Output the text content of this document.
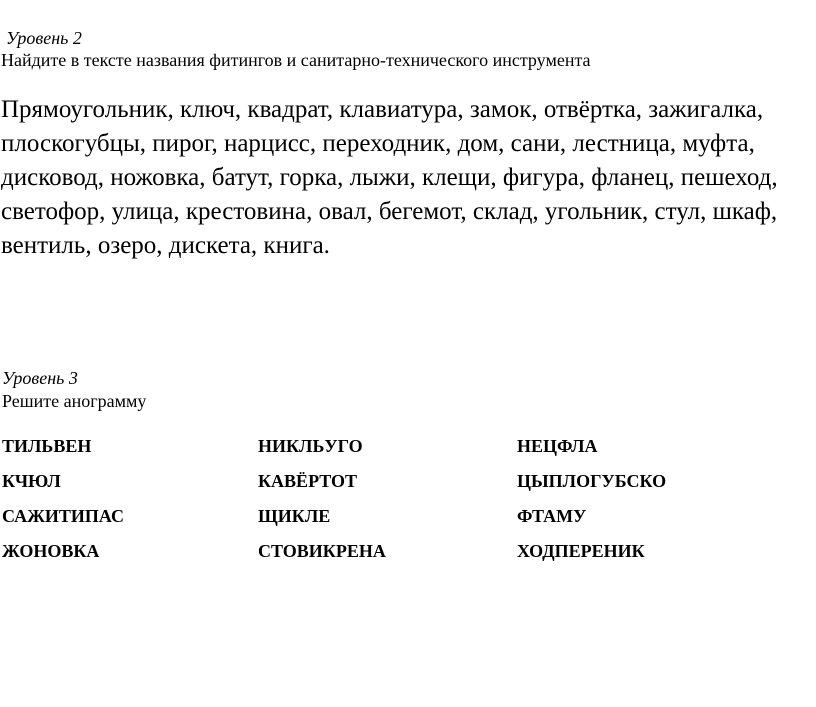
Уровень 2
Найдите в тексте названия фитингов и санитарно-технического инструмента
Прямоугольник, ключ, квадрат, клавиатура, замок, отвёртка, зажигалка, плоскогубцы, пирог, нарцисс, переходник, дом, сани, лестница, муфта, дисковод, ножовка, батут, горка, лыжи, клещи, фигура, фланец, пешеход, светофор, улица, крестовина, овал, бегемот, склад, угольник, стул, шкаф, вентиль, озеро, дискета, книга.
Уровень 3
Решите анограмму
ТИЛЬВЕН	НИКЛЬУГО	НЕЦФЛА
КЧЮЛ	КАВЁРТОТ	ЦЫПЛОГУБСКО
САЖИТИПАС	ЩИКЛЕ	ФТАМУ
ЖОНОВКА	СТОВИКРЕНА	ХОДПЕРЕНИК
